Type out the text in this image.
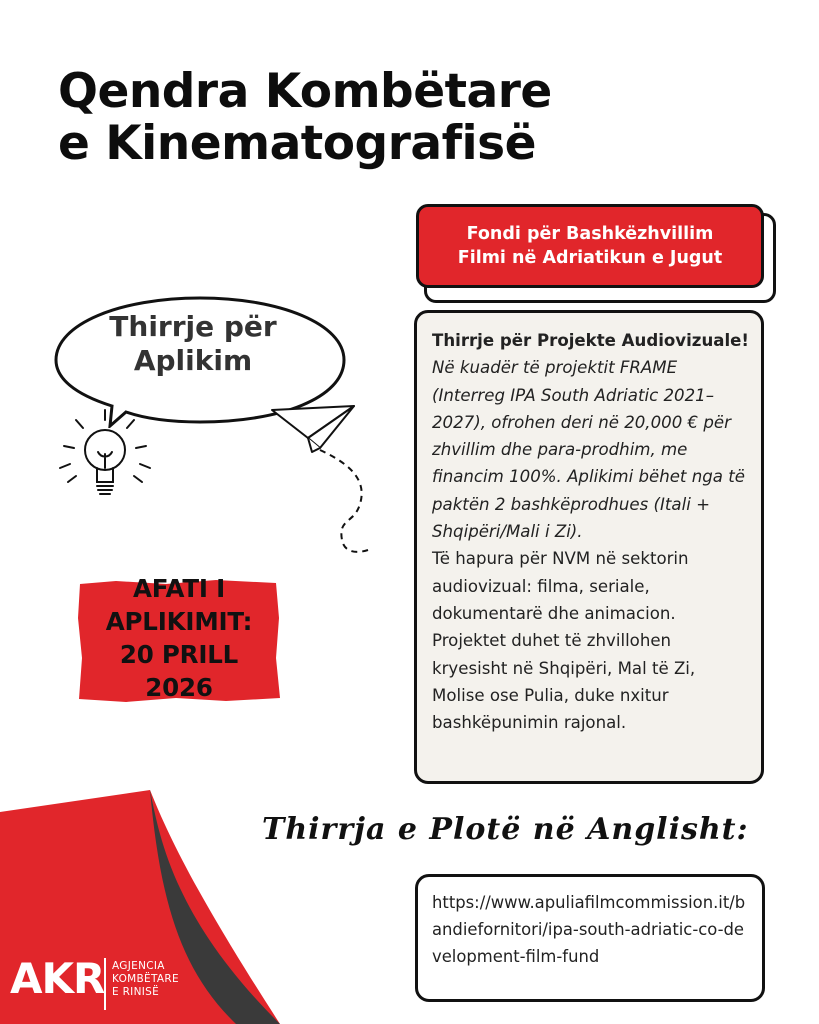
Qendra Kombëtare
e Kinematografisë
Fondi për Bashkëzhvillim
Filmi në Adriatikun e Jugut
Thirrje për
Aplikim
Thirrje për Projekte Audiovizuale!
Në kuadër të projektit FRAME (Interreg IPA South Adriatic 2021–2027), ofrohen deri në 20,000 € për zhvillim dhe para-prodhim, me financim 100%. Aplikimi bëhet nga të paktën 2 bashkëprodhues (Itali + Shqipëri/Mali i Zi).
Të hapura për NVM në sektorin audiovizual: filma, seriale, dokumentarë dhe animacion. Projektet duhet të zhvillohen kryesisht në Shqipëri, Mal të Zi, Molise ose Pulia, duke nxitur bashkëpunimin rajonal.
AFATI I
APLIKIMIT:
20 PRILL
2026
Thirrja e Plotë në Anglisht:
https://www.apuliafilmcommission.it/bandiefornitori/ipa-south-adriatic-co-development-film-fund
AKR AGJENCIA
KOMBËTARE
E RINISË
